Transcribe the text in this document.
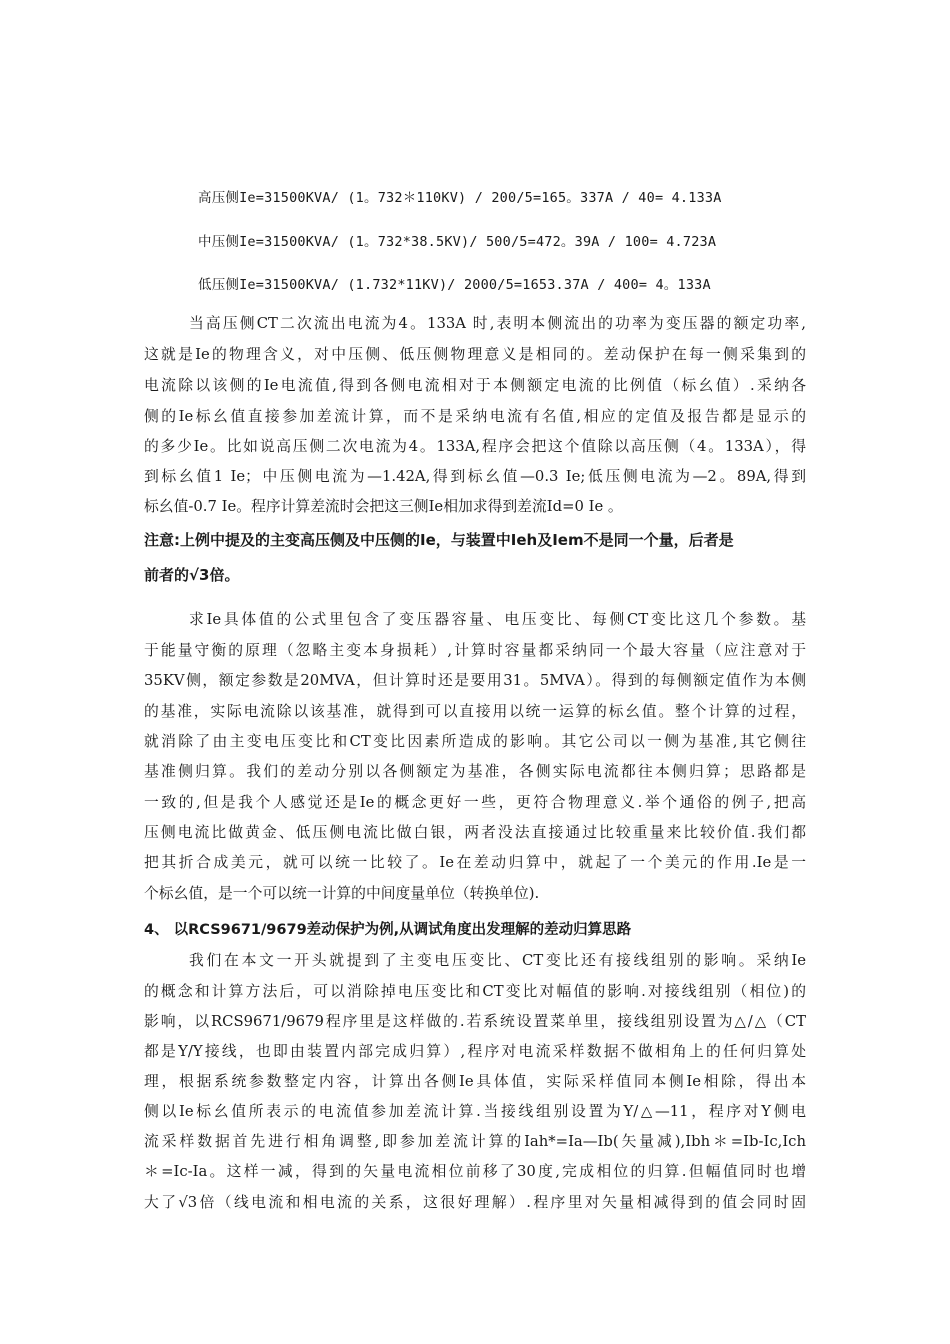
高压侧Ie=31500KVA/ (1。732＊110KV) / 200/5=165。337A / 40= 4.133A
中压侧Ie=31500KVA/ (1。732*38.5KV)/ 500/5=472。39A / 100= 4.723A
低压侧Ie=31500KVA/ (1.732*11KV)/ 2000/5=1653.37A / 400= 4。133A
当高压侧CT二次流出电流为4。133A 时,表明本侧流出的功率为变压器的额定功率,
这就是Ie的物理含义，对中压侧、低压侧物理意义是相同的。差动保护在每一侧采集到的
电流除以该侧的Ie电流值,得到各侧电流相对于本侧额定电流的比例值（标幺值）.采纳各
侧的Ie标幺值直接参加差流计算，而不是采纳电流有名值,相应的定值及报告都是显示的
的多少Ie。比如说高压侧二次电流为4。133A,程序会把这个值除以高压侧（4。133A），得
到标幺值1 Ie；中压侧电流为—1.42A,得到标幺值—0.3 Ie;低压侧电流为—2。89A,得到
标幺值-0.7 Ie。程序计算差流时会把这三侧Ie相加求得到差流Id=0 Ie 。
注意:上例中提及的主变高压侧及中压侧的Ie，与装置中Ieh及Iem不是同一个量，后者是
前者的√3倍。
求Ie具体值的公式里包含了变压器容量、电压变比、每侧CT变比这几个参数。基
于能量守衡的原理（忽略主变本身损耗）,计算时容量都采纳同一个最大容量（应注意对于
35KV侧，额定参数是20MVA，但计算时还是要用31。5MVA）。得到的每侧额定值作为本侧
的基准，实际电流除以该基准，就得到可以直接用以统一运算的标幺值。整个计算的过程，
就消除了由主变电压变比和CT变比因素所造成的影响。其它公司以一侧为基准,其它侧往
基准侧归算。我们的差动分别以各侧额定为基准，各侧实际电流都往本侧归算；思路都是
一致的,但是我个人感觉还是Ie的概念更好一些，更符合物理意义.举个通俗的例子,把高
压侧电流比做黄金、低压侧电流比做白银，两者没法直接通过比较重量来比较价值.我们都
把其折合成美元，就可以统一比较了。Ie在差动归算中，就起了一个美元的作用.Ie是一
个标幺值，是一个可以统一计算的中间度量单位（转换单位).
4、 以RCS9671/9679差动保护为例,从调试角度出发理解的差动归算思路
我们在本文一开头就提到了主变电压变比、CT变比还有接线组别的影响。采纳Ie
的概念和计算方法后，可以消除掉电压变比和CT变比对幅值的影响.对接线组别（相位)的
影响，以RCS9671/9679程序里是这样做的.若系统设置菜单里，接线组别设置为△/△（CT
都是Y/Y接线，也即由装置内部完成归算）,程序对电流采样数据不做相角上的任何归算处
理，根据系统参数整定内容，计算出各侧Ie具体值，实际采样值同本侧Ie相除，得出本
侧以Ie标幺值所表示的电流值参加差流计算.当接线组别设置为Y/△—11，程序对Y侧电
流采样数据首先进行相角调整,即参加差流计算的Iah*=Ia—Ib(矢量减),Ibh＊=Ib-Ic,Ich
＊=Ic-Ia。这样一减，得到的矢量电流相位前移了30度,完成相位的归算.但幅值同时也增
大了√3倍（线电流和相电流的关系，这很好理解）.程序里对矢量相减得到的值会同时固
